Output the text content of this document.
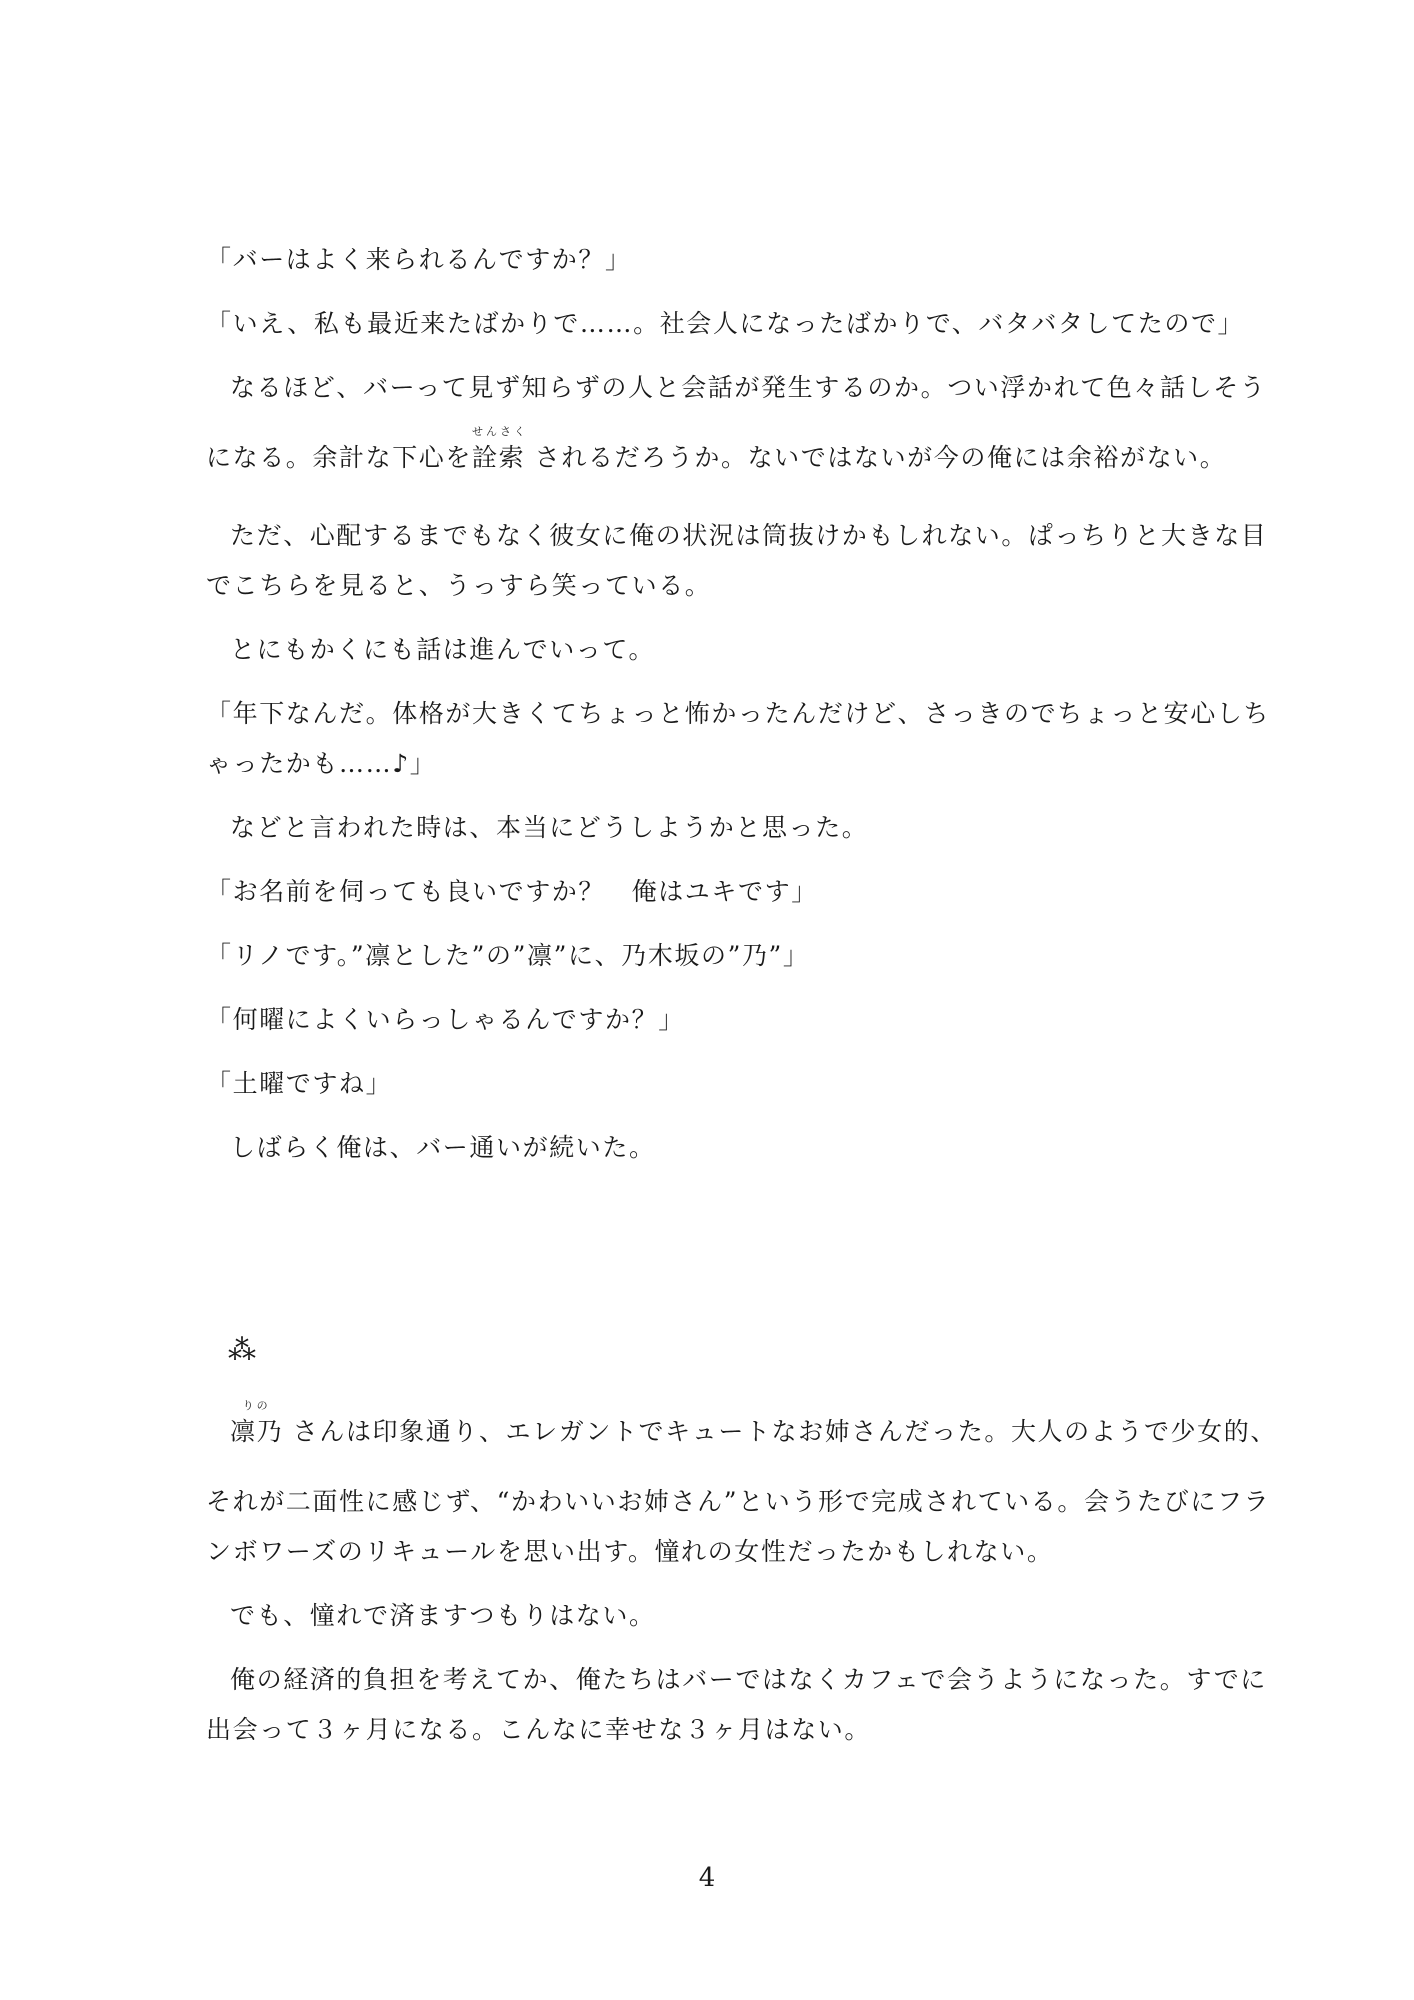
「バーはよく来られるんですか？」
「いえ、私も最近来たばかりで……。社会人になったばかりで、バタバタしてたので」
なるほど、バーって見ず知らずの人と会話が発生するのか。つい浮かれて色々話しそう
になる。余計な下心を
せんさく
詮索 されるだろうか。ないではないが今の俺には余裕がない。
ただ、心配するまでもなく彼女に俺の状況は筒抜けかもしれない。ぱっちりと大きな目
でこちらを見ると、うっすら笑っている。
とにもかくにも話は進んでいって。
「年下なんだ。体格が大きくてちょっと怖かったんだけど、さっきのでちょっと安心しち
ゃったかも……♪」
などと言われた時は、本当にどうしようかと思った。
「お名前を伺っても良いですか？　俺はユキです」
「リノです。”凛とした”の”凛”に、乃木坂の”乃”」
「何曜によくいらっしゃるんですか？」
「土曜ですね」
しばらく俺は、バー通いが続いた。
⁂
りの
凛乃 さんは印象通り、エレガントでキュートなお姉さんだった。大人のようで少女的、
それが二面性に感じず、“かわいいお姉さん”という形で完成されている。会うたびにフラ
ンボワーズのリキュールを思い出す。憧れの女性だったかもしれない。
でも、憧れで済ますつもりはない。
俺の経済的負担を考えてか、俺たちはバーではなくカフェで会うようになった。すでに
出会って３ヶ月になる。こんなに幸せな３ヶ月はない。
4
